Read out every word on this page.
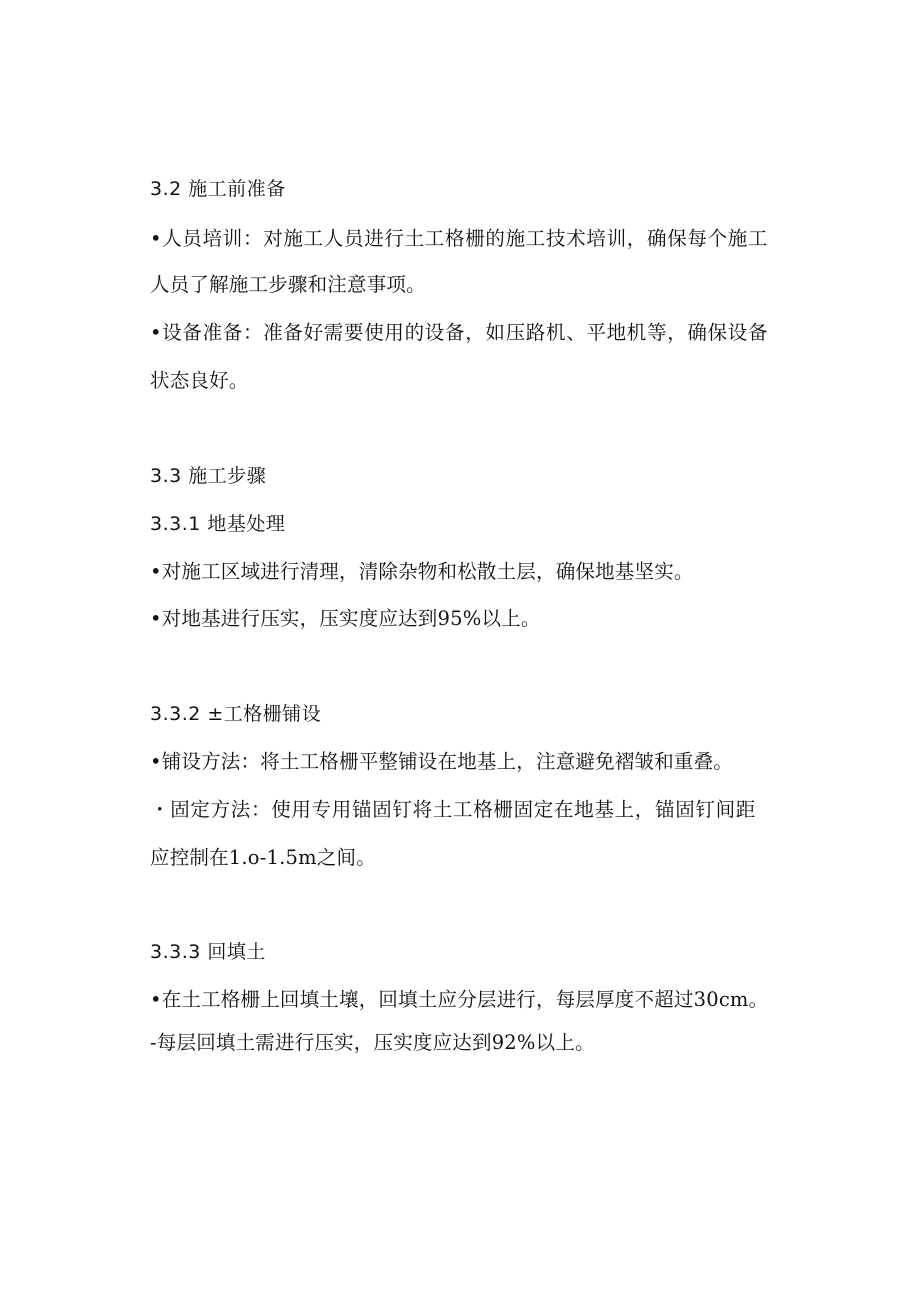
3.2 施工前准备
•人员培训：对施工人员进行土工格栅的施工技术培训，确保每个施工
人员了解施工步骤和注意事项。
•设备准备：准备好需要使用的设备，如压路机、平地机等，确保设备
状态良好。
3.3 施工步骤
3.3.1 地基处理
•对施工区域进行清理，清除杂物和松散土层，确保地基坚实。
•对地基进行压实，压实度应达到95%以上。
3.3.2 ±工格栅铺设
•铺设方法：将土工格栅平整铺设在地基上，注意避免褶皱和重叠。
・固定方法：使用专用锚固钉将土工格栅固定在地基上，锚固钉间距
应控制在1.o-1.5m之间。
3.3.3 回填土
•在土工格栅上回填土壤，回填土应分层进行，每层厚度不超过30cm。
-每层回填土需进行压实，压实度应达到92%以上。
